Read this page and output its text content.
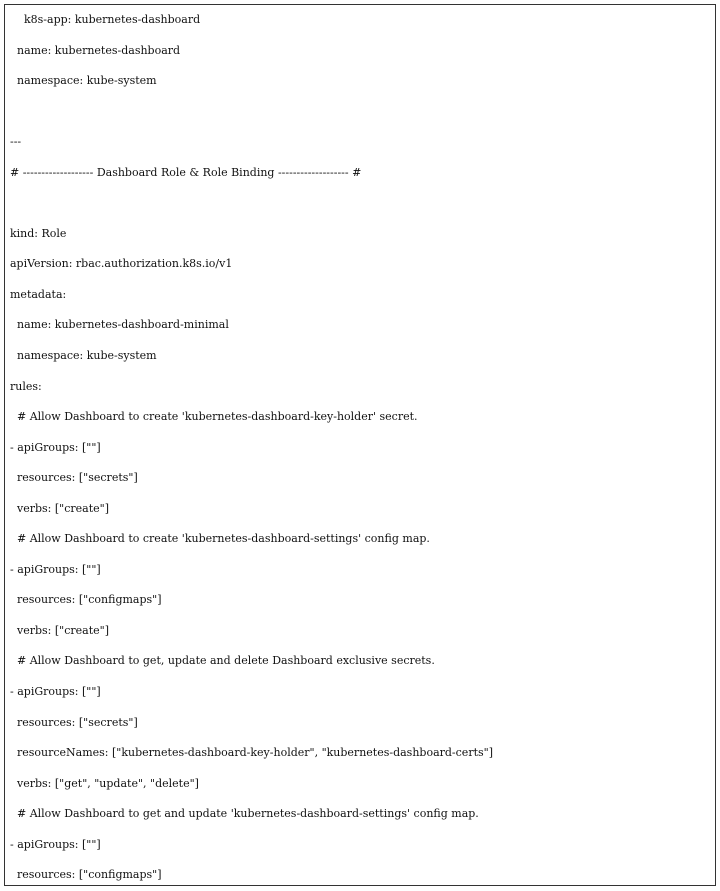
k8s-app: kubernetes-dashboard
name: kubernetes-dashboard
namespace: kube-system
---
# ------------------- Dashboard Role & Role Binding ------------------- #
kind: Role
apiVersion: rbac.authorization.k8s.io/v1
metadata:
name: kubernetes-dashboard-minimal
namespace: kube-system
rules:
# Allow Dashboard to create 'kubernetes-dashboard-key-holder' secret.
- apiGroups: [""]
resources: ["secrets"]
verbs: ["create"]
# Allow Dashboard to create 'kubernetes-dashboard-settings' config map.
- apiGroups: [""]
resources: ["configmaps"]
verbs: ["create"]
# Allow Dashboard to get, update and delete Dashboard exclusive secrets.
- apiGroups: [""]
resources: ["secrets"]
resourceNames: ["kubernetes-dashboard-key-holder", "kubernetes-dashboard-certs"]
verbs: ["get", "update", "delete"]
# Allow Dashboard to get and update 'kubernetes-dashboard-settings' config map.
- apiGroups: [""]
resources: ["configmaps"]
